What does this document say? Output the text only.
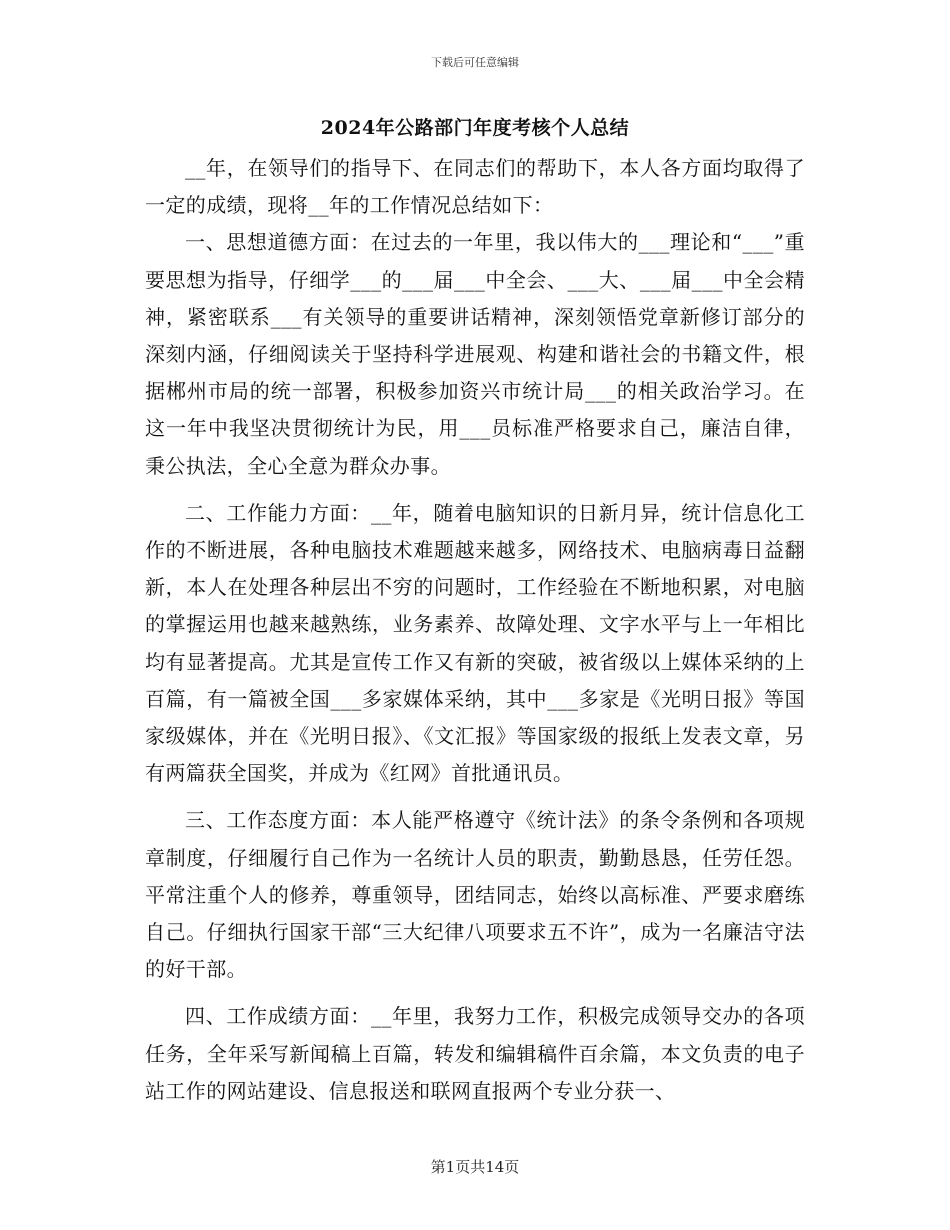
下载后可任意编辑
2024年公路部门年度考核个人总结

__年，在领导们的指导下、在同志们的帮助下，本人各方面均取得了一定的成绩，现将__年的工作情况总结如下：

一、思想道德方面：在过去的一年里，我以伟大的___理论和“___”重要思想为指导，仔细学___的___届___中全会、___大、___届___中全会精神，紧密联系___有关领导的重要讲话精神，深刻领悟党章新修订部分的深刻内涵，仔细阅读关于坚持科学进展观、构建和谐社会的书籍文件，根据郴州市局的统一部署，积极参加资兴市统计局___的相关政治学习。在这一年中我坚决贯彻统计为民，用___员标准严格要求自己，廉洁自律，秉公执法，全心全意为群众办事。

二、工作能力方面：__年，随着电脑知识的日新月异，统计信息化工作的不断进展，各种电脑技术难题越来越多，网络技术、电脑病毒日益翻新，本人在处理各种层出不穷的问题时，工作经验在不断地积累，对电脑的掌握运用也越来越熟练，业务素养、故障处理、文字水平与上一年相比均有显著提高。尤其是宣传工作又有新的突破，被省级以上媒体采纳的上百篇，有一篇被全国___多家媒体采纳，其中___多家是《光明日报》等国家级媒体，并在《光明日报》、《文汇报》等国家级的报纸上发表文章，另有两篇获全国奖，并成为《红网》首批通讯员。

三、工作态度方面：本人能严格遵守《统计法》的条令条例和各项规章制度，仔细履行自己作为一名统计人员的职责，勤勤恳恳，任劳任怨。平常注重个人的修养，尊重领导，团结同志，始终以高标准、严要求磨练自己。仔细执行国家干部“三大纪律八项要求五不许”，成为一名廉洁守法的好干部。

四、工作成绩方面：__年里，我努力工作，积极完成领导交办的各项任务，全年采写新闻稿上百篇，转发和编辑稿件百余篇，本文负责的电子站工作的网站建设、信息报送和联网直报两个专业分获一、

第1页共14页
